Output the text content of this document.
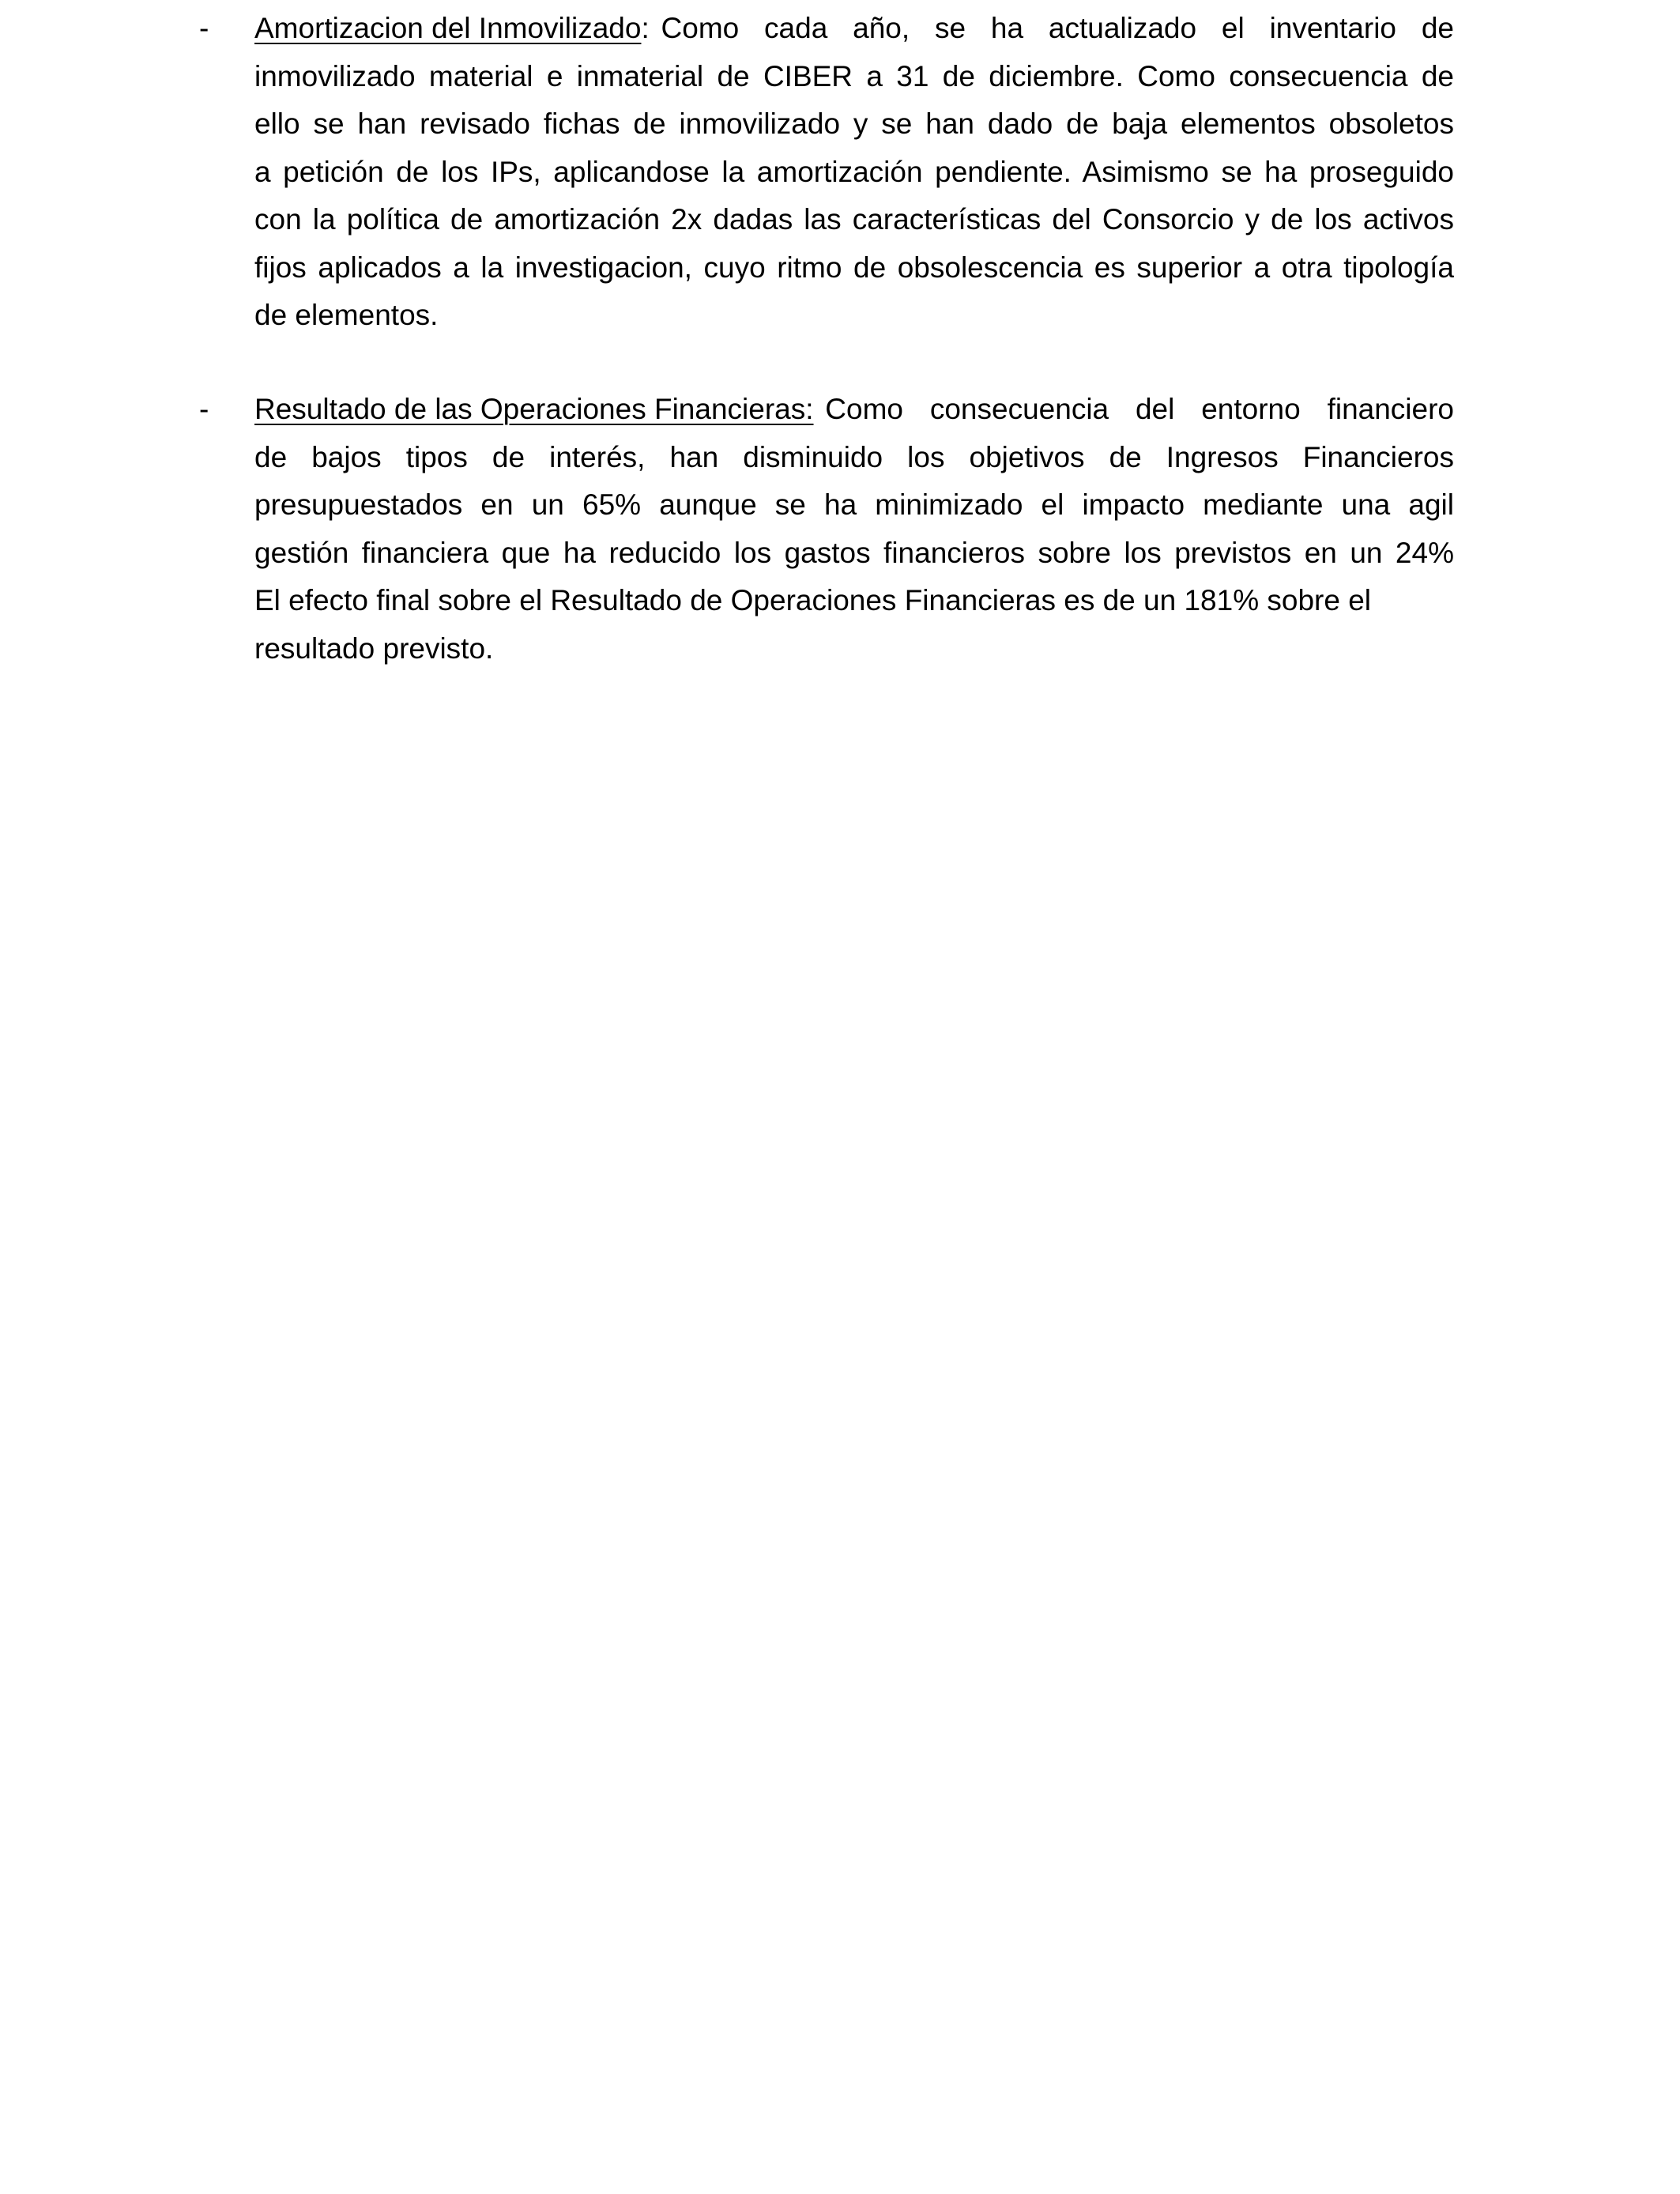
- Amortizacion del Inmovilizado: Como cada año, se ha actualizado el inventario de
inmovilizado material e inmaterial de CIBER a 31 de diciembre. Como consecuencia de
ello se han revisado fichas de inmovilizado y se han dado de baja elementos obsoletos
a petición de los IPs, aplicandose la amortización pendiente. Asimismo se ha proseguido
con la política de amortización 2x dadas las características del Consorcio y de los activos
fijos aplicados a la investigacion, cuyo ritmo de obsolescencia es superior a otra tipología
de elementos.
- Resultado de las Operaciones Financieras: Como consecuencia del entorno financiero
de bajos tipos de interés, han disminuido los objetivos de Ingresos Financieros
presupuestados en un 65% aunque se ha minimizado el impacto mediante una agil
gestión financiera que ha reducido los gastos financieros sobre los previstos en un 24%
El efecto final sobre el Resultado de Operaciones Financieras es de un 181% sobre el
resultado previsto.
